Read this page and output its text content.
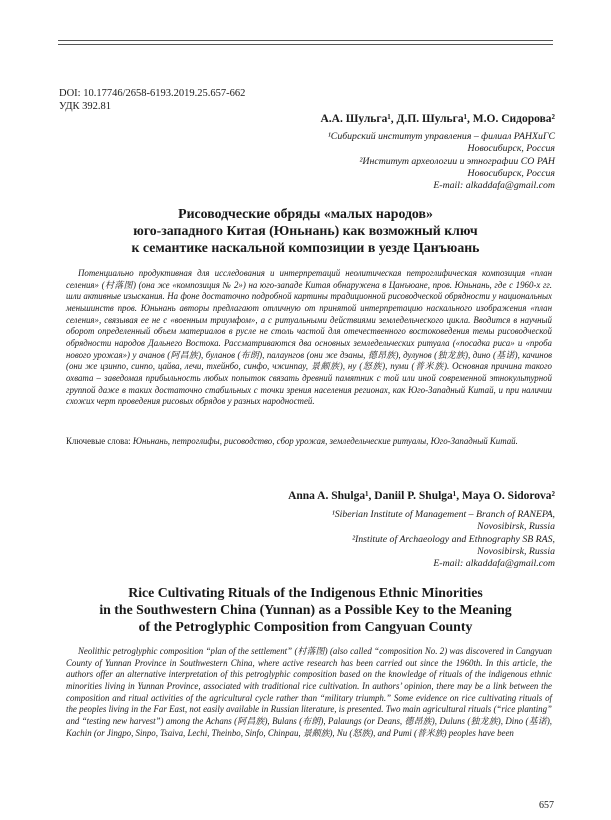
DOI: 10.17746/2658-6193.2019.25.657-662
УДК 392.81
А.А. Шульга¹, Д.П. Шульга¹, М.О. Сидорова²
¹Сибирский институт управления – филиал РАНХиГС
Новосибирск, Россия
²Институт археологии и этнографии СО РАН
Новосибирск, Россия
E-mail: alkaddafa@gmail.com
Рисоводческие обряды «малых народов»
юго-западного Китая (Юньнань) как возможный ключ
к семантике наскальной композиции в уезде Цанъюань
Потенциально продуктивная для исследования и интерпретаций неолитическая петроглифическая композиция «план селения» (村落图) (она же «композиция № 2») на юго-западе Китая обнаружена в Цанъюане, пров. Юньнань, где с 1960-х гг. шли активные изыскания. На фоне достаточно подробной картины традиционной рисоводческой обрядности у национальных меньшинств пров. Юньнань авторы предлагают отличную от принятой интерпретацию наскального изображения «план селения», связывая ее не с «военным триумфом», а с ритуальными действиями земледельческого цикла. Вводится в научный оборот определенный объем материалов в русле не столь частой для отечественного востоковедения темы рисоводческой обрядности народов Дальнего Востока. Рассматриваются два основных земледельческих ритуала («посадка риса» и «проба нового урожая») у ачанов (阿昌族), буланов (布朗), палаунгов (они же дэаны, 德昂族), дулунов (独龙族), дино (基诺), качинов (они же цзинпо, синпо, цайва, лечи, тхейнбо, синфо, чжинпау, 景颇族), ну (怒族), пуми (普米族). Основная причина такого охвата – заведомая прибыльность любых попыток связать древний памятник с той или иной современной этнокультурной группой даже в таких достаточно стабильных с точки зрения населения регионах, как Юго-Западный Китай, и при наличии схожих черт проведения рисовых обрядов у разных народностей.
Ключевые слова: Юньнань, петроглифы, рисоводство, сбор урожая, земледельческие ритуалы, Юго-Западный Китай.
Anna A. Shulga¹, Daniil P. Shulga¹, Maya O. Sidorova²
¹Siberian Institute of Management – Branch of RANEPA,
Novosibirsk, Russia
²Institute of Archaeology and Ethnography SB RAS,
Novosibirsk, Russia
E-mail: alkaddafa@gmail.com
Rice Cultivating Rituals of the Indigenous Ethnic Minorities
in the Southwestern China (Yunnan) as a Possible Key to the Meaning
of the Petroglyphic Composition from Cangyuan County
Neolithic petroglyphic composition “plan of the settlement” (村落图) (also called “composition No. 2) was discovered in Cangyuan County of Yunnan Province in Southwestern China, where active research has been carried out since the 1960th. In this article, the authors offer an alternative interpretation of this petroglyphic composition based on the knowledge of rituals of the indigenous ethnic minorities living in Yunnan Province, associated with traditional rice cultivation. In authors’ opinion, there may be a link between the composition and ritual activities of the agricultural cycle rather than “military triumph.” Some evidence on rice cultivating rituals of the peoples living in the Far East, not easily available in Russian literature, is presented. Two main agricultural rituals (“rice planting” and “testing new harvest”) among the Achans (阿昌族), Bulans (布朗), Palaungs (or Deans, 德昂族), Duluns (独龙族), Dino (基诺), Kachin (or Jingpo, Sinpo, Tsaiva, Lechi, Theinbo, Sinfo, Chinpau, 景颇族), Nu (怒族), and Pumi (普米族) peoples have been
657
